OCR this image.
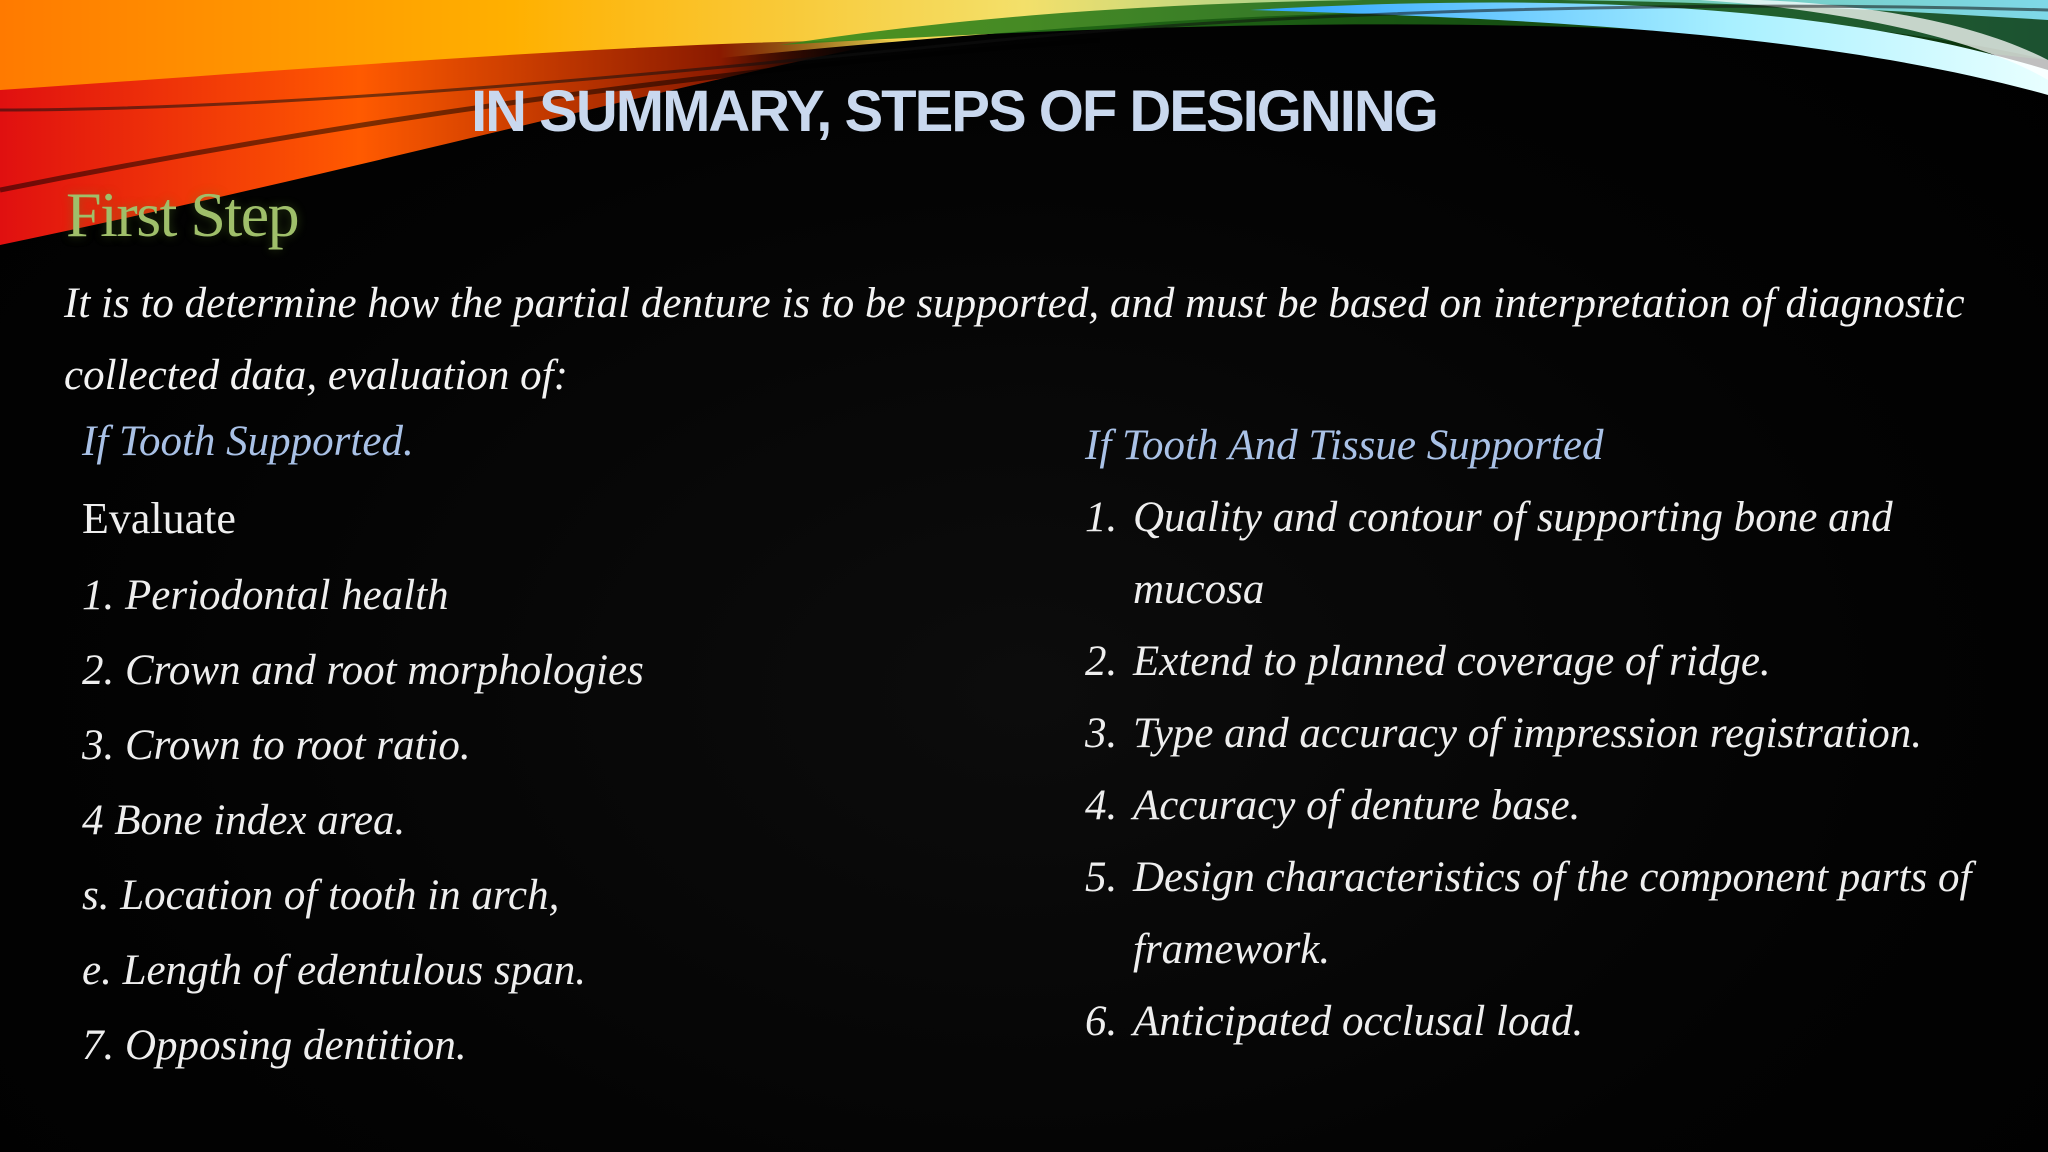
IN SUMMARY, STEPS OF DESIGNING
First Step

It is to determine how the partial denture is to be supported, and must be based on interpretation of diagnostic collected data, evaluation of:

If Tooth Supported.
Evaluate
1. Periodontal health
2. Crown and root morphologies
3. Crown to root ratio.
4 Bone index area.
s. Location of tooth in arch,
e. Length of edentulous span.
7. Opposing dentition.
If Tooth And Tissue Supported
1. Quality and contour of supporting bone and mucosa
2. Extend to planned coverage of ridge.
3. Type and accuracy of impression registration.
4. Accuracy of denture base.
5. Design characteristics of the component parts of framework.
6. Anticipated occlusal load.
